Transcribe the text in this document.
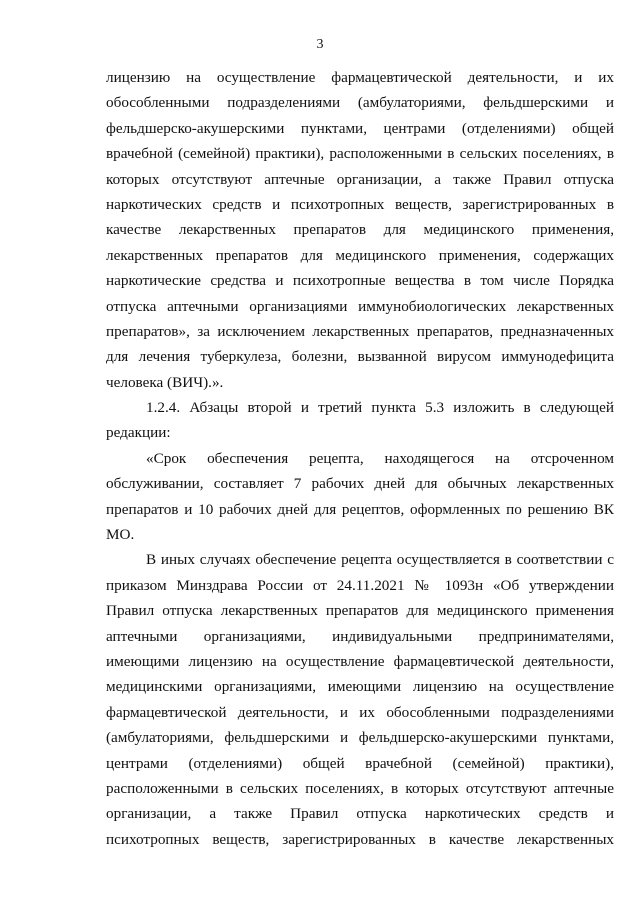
3
лицензию на осуществление фармацевтической деятельности, и их
обособленными подразделениями (амбулаториями, фельдшерскими и
фельдшерско-акушерскими пунктами, центрами (отделениями) общей
врачебной (семейной) практики), расположенными в сельских поселениях, в
которых отсутствуют аптечные организации, а также Правил отпуска
наркотических средств и психотропных веществ, зарегистрированных в
качестве лекарственных препаратов для медицинского применения,
лекарственных препаратов для медицинского применения, содержащих
наркотические средства и психотропные вещества в том числе Порядка
отпуска аптечными организациями иммунобиологических лекарственных
препаратов», за исключением лекарственных препаратов, предназначенных
для лечения туберкулеза, болезни, вызванной вирусом иммунодефицита
человека (ВИЧ).».
1.2.4. Абзацы второй и третий пункта 5.3 изложить в следующей
редакции:
«Срок обеспечения рецепта, находящегося на отсроченном
обслуживании, составляет 7 рабочих дней для обычных лекарственных
препаратов и 10 рабочих дней для рецептов, оформленных по решению ВК
МО.
В иных случаях обеспечение рецепта осуществляется в соответствии с
приказом Минздрава России от 24.11.2021 № 1093н «Об утверждении
Правил отпуска лекарственных препаратов для медицинского применения
аптечными организациями, индивидуальными предпринимателями,
имеющими лицензию на осуществление фармацевтической деятельности,
медицинскими организациями, имеющими лицензию на осуществление
фармацевтической деятельности, и их обособленными подразделениями
(амбулаториями, фельдшерскими и фельдшерско-акушерскими пунктами,
центрами (отделениями) общей врачебной (семейной) практики),
расположенными в сельских поселениях, в которых отсутствуют аптечные
организации, а также Правил отпуска наркотических средств и
психотропных веществ, зарегистрированных в качестве лекарственных
